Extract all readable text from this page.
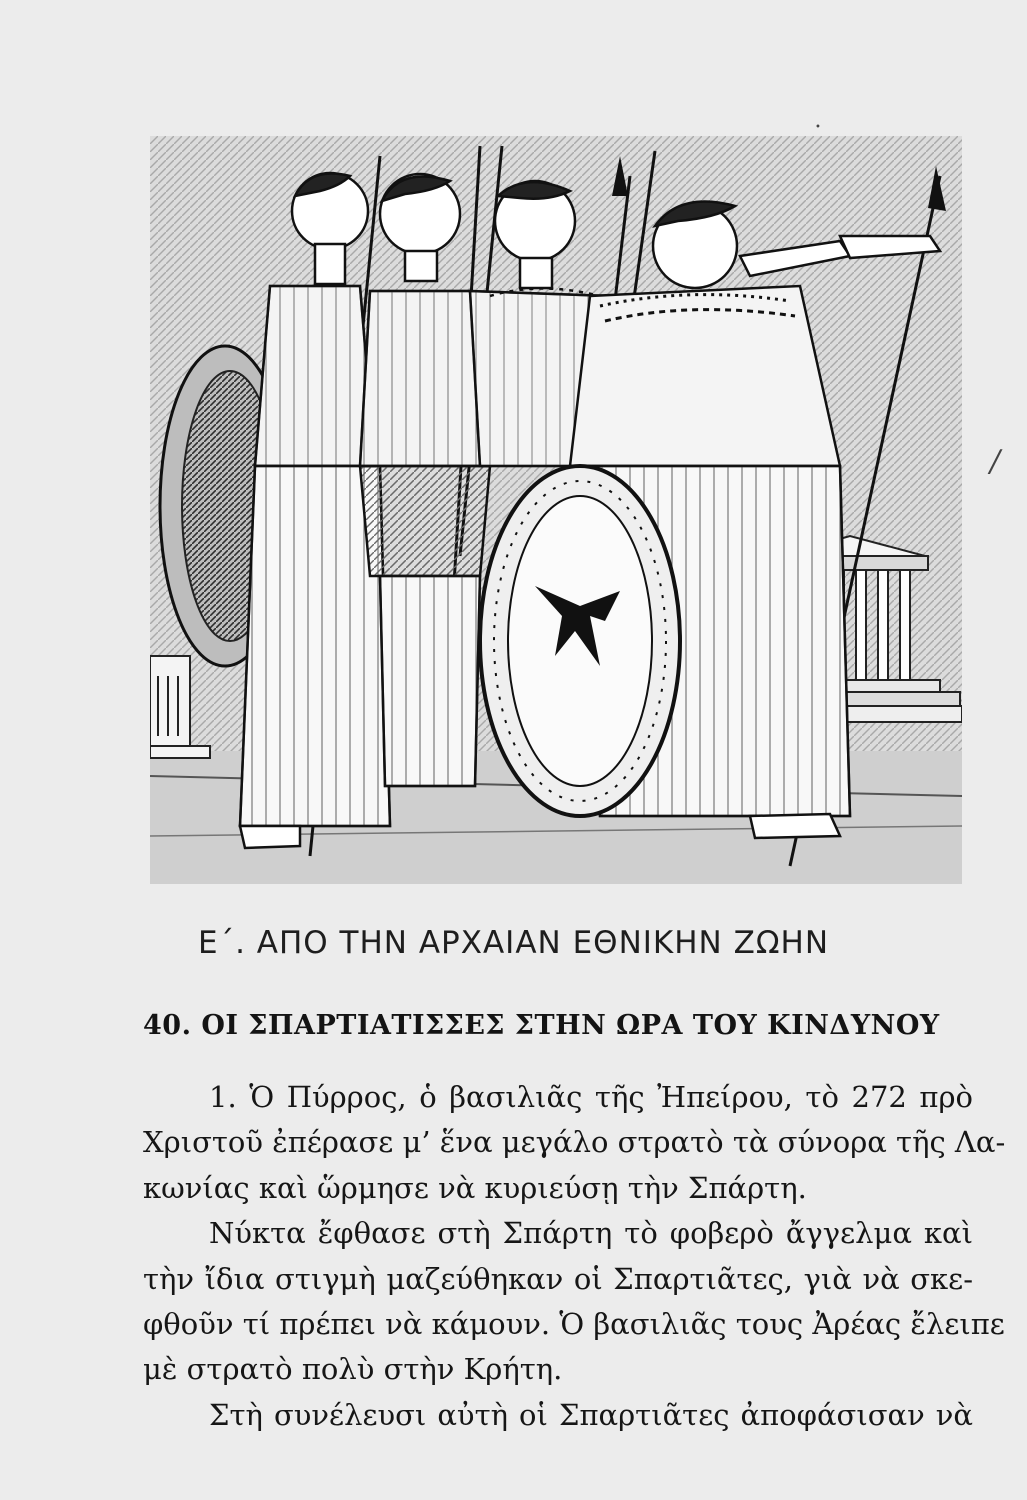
•
/
Ε΄. ΑΠΟ ΤΗΝ ΑΡΧΑΙΑΝ ΕΘΝΙΚΗΝ ΖΩΗΝ
40. ΟΙ ΣΠΑΡΤΙΑΤΙΣΣΕΣ ΣΤΗΝ ΩΡΑ ΤΟΥ ΚΙΝΔΥΝΟΥ
1. Ὁ Πύρρος, ὁ βασιλιᾶς τῆς Ἠπείρου, τὸ 272 πρὸ
Χριστοῦ ἐπέρασε μ’ ἕνα μεγάλο στρατὸ τὰ σύνορα τῆς Λα-
κωνίας καὶ ὥρμησε νὰ κυριεύσῃ τὴν Σπάρτη.
Νύκτα ἔφθασε στὴ Σπάρτη τὸ φοβερὸ ἄγγελμα καὶ
τὴν ἴδια στιγμὴ μαζεύθηκαν οἱ Σπαρτιᾶτες, γιὰ νὰ σκε-
φθοῦν τί πρέπει νὰ κάμουν. Ὁ βασιλιᾶς τους Ἀρέας ἔλειπε
μὲ στρατὸ πολὺ στὴν Κρήτη.
Στὴ συνέλευσι αὐτὴ οἱ Σπαρτιᾶτες ἀποφάσισαν νὰ
